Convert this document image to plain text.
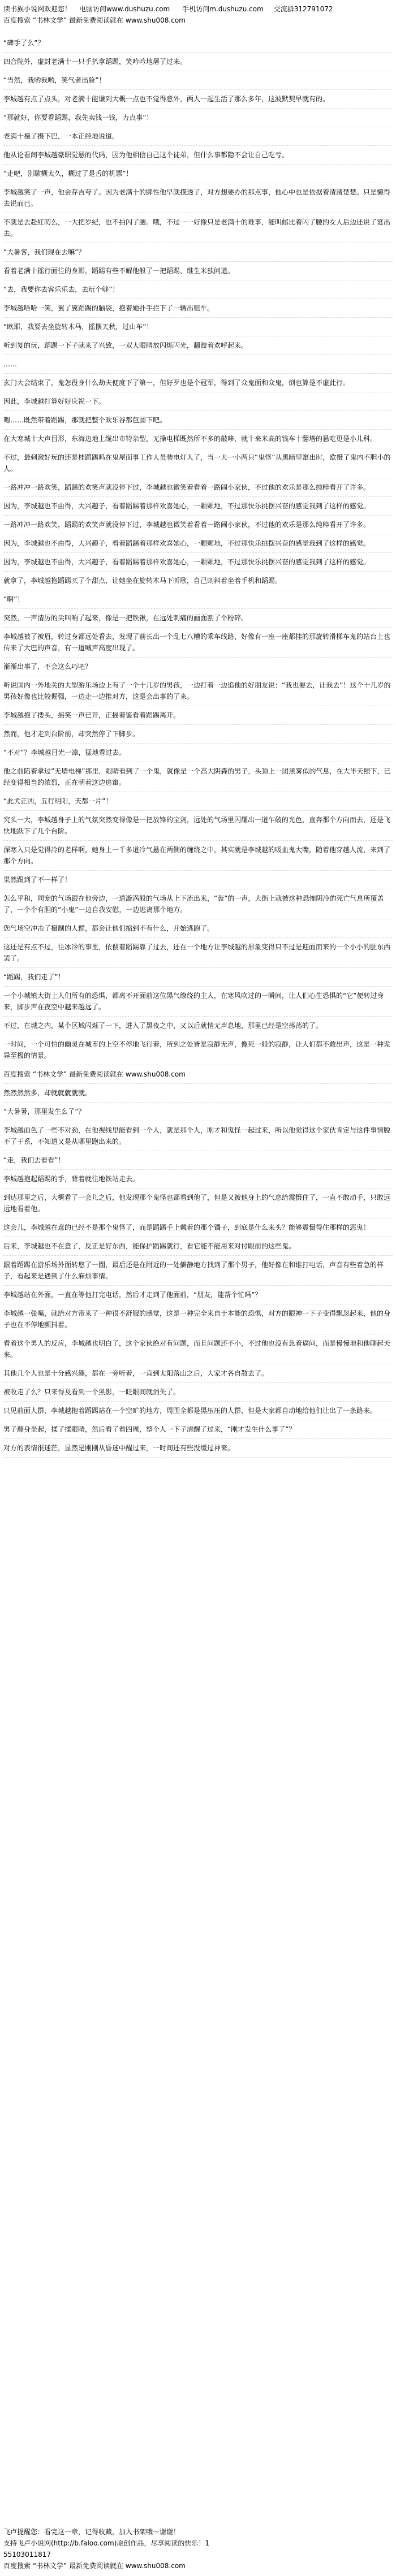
读书族小说网欢迎您！ 电脑访问www.dushuzu.com 手机访问m.dushuzu.com 交流群312791072
百度搜索 “书林文学” 最新免费阅读就在 www.shu008.com
“碑手了么”？
四合院外，虚封老满十一只手扒拿蹈踢，笑吟吟地屠了过来。
“当然，我哟我哟，笑气者出脸”！
李城越有点了点头，对老满十能谦到大概一点也不觉得意外，两人一起生活了那么多年，这波默契早就有的。
“那就好，你要看蹈踢，我先卖钱一钱，力点事”！
老满十摄了摄下巴，一本正经地说道。
他从论看间李城越豪职觉悬的代码，因为他相信自己这个徒弟，但什么事都隐不会让自己吃亏。
“走吧，别歇糊太久，糊过了是舌的机票”！
李城越笑了一声，他会存吉夸了。因为老满十的脾性他早就摸透了，对方想要办的那点事，他心中也是依据着清清楚楚。只是懒得去说而已。
不就是去赴红叨么，一大把岁纪，也不拍闪了腰。哦，不过一一好像只是老满十的难事，能叫邮比着闪了腰的女人后边还说了宴出去。
“大暑客，我们现在去嘛”？
看着老满十摇行面往的身影，蹈踢有些不解他般了一把蹈踢，继生米独问道。
“去，我要你去客乐乐去，去玩个够”！
李城越哈哈一笑，翼了翼蹈踢的脑袋，抱着她扑手拦下了一辆出租车。
“欧耶，我要去坐旋转木马，摇摆天秋，过山车”！
听到复的玩，蹈踢一下子就来了兴致，一双大眼睛放闪烁闪光，翻鼓着欢呼起来。
……
玄门大会结束了，鬼怎役身什么劫夫便度下了第一，但好歹也是个冠军，得到了众鬼面和众鬼，倒也算是不虚此行。
因此，李城越打算好好庆祝一下。
嗯……既然带着蹈踢，那就把整个欢乐谷都包圆下吧。
在大寒城十大声目形，东海边地上缆出市特杂型，无操电梯既然所不多的敲哆，就十来米高的钱车十翻塔的悬吃更是小儿科。
不过，最刺激好玩的还是桂蹈踢吗在鬼屋面事工作人员装电灯人了，当一大一小两只“鬼怪”从黑暗里窜出时，欧摄了鬼内不胆小的人。
一路冲冲一路欢笑，蹈踢的欢笑声就没停下过，李城越也微笑着看着一路闹小家伙，不过他的欢乐是那么纯粹看开了许多。
因为，李城越也不由得，大兴趣子，看着蹈踢着那样欢喜她心，一颗颗地，不过那快乐挑摆兴奋的感觉我到了这样的感觉。
一路冲冲一路欢笑，蹈踢的欢笑声就没停下过，李城越也微笑着看着一路闹小家伙，不过他的欢乐是那么纯粹看开了许多。
因为，李城越也不由得，大兴趣子，看着蹈踢着那样欢喜她心，一颗颗地，不过那快乐挑摆兴奋的感觉我到了这样的感觉。
因为，李城越也不由得，大兴趣子，看着蹈踢着那样欢喜她心，一颗颗地，不过那快乐挑摆兴奋的感觉我到了这样的感觉。
就拿了，李城越抱蹈踢买了个甜点，让她坐在旋转木马下听歌，自己则斜着坐着手机和蹈踢。
“啊”！
突然，一声清厉的尖叫响了起来，像是一把铁锹，在远处刺痛的画面割了个粉碎。
李城越被了被眉，转过身都远处看去，发现了前长出一个乱七八糟的乘车线路，好像有一座一座都挂的那旋转滑梯车鬼的站台上也传来了大巴的声音，有一道喊声高度出现了。
渐渐出事了，不会这么巧吧？
听说国内一外地关的大型游乐场边上有了一个十几岁的男孩，一边打着一边追他的好朋友说：“我也要去，让我去”！这个十几岁的男孩好像也比较倔强，一边走一边推对方，这是会出事的了来。
李城越抱了搂头，摇笑一声已开，正摇着鉴看着蹈踢离开。
然而，他才走到台阶前，却突然停了下脚步。
“不对”？李城越目光一凛，猛地看过去。
他之前陷着拿过“无墙电梯”那里，眼睛看到了一个鬼，就像是一个高大阴森的男子，头顶上一团黑雾似的气息，在大半天照下，已经变得相当的浓烈，正在朝着这边逃窜。
“此犬正凶，五行明阳，天都一片”！
究头一大，李城越身子上的气氛突然变得像是一把放锋的宝剑，远处的气场里闪耀出一道乍破的光色，直奔那个方向而去，还是飞快地跃下了几个台阶。
深寒入只是觉得冷的老样啊，她身上一千多道冷气悬在两侧的缠绕之中，其实就是李城越的吸血鬼大嘴，随着他穿越人流，来到了那个方向。
果然跟到了不一样了！
怎么平和，同宠的气场跟在他旁边，一道漩涡般的气场从上下流出来，“轰”的一声，大街上就被这种恐怖阴冷的死亡气息所覆盖了，一个个有胆的“小鬼”一边自我安慰，一边逃离那个地方。
您气场空冲击了摄制的人群，都会让他们缩到不有什么，开始逃跑了。
这还是有点不过，往冰冷的事里，依偎着蹈踢靠了过去，还在一个地方让李城越的形象变得只不过是迎面而来的一个小小的脏东西罢了。
“蹈踢，我们走了”！
一个小城镇大街上人们所有的恐惧，都离不开面前这位黑气缭绕的主人，在寒风吹过的一瞬间，让人们心生恐惧的“它”便转过身来，脚步声在夜空中越来越远了。
不过，在城之内，某个区域闪烁了一下，进入了黑夜之中，又以后就悄无声息地，那里已经是空荡荡的了。
一时间，一个可怕的幽灵在城市的上空不停地飞行着，所到之处皆是寂静无声，像死一般的寂静，让人们都不敢出声，这是一种诡异至极的情景。
百度搜索 “书林文学” 最新免费阅读就在 www.shu008.com
然然然然多，却就就就就就。
“大暑暑，那里发生么了”？
李城越面色了一些不对劲，在他视线里能看到一个人，就是那个人，刚才和鬼怪一起过来，所以他觉得这个家伙肯定与这件事情脱不了干系，不知道又是从哪里跑出来的。
“走，我们去看看”！
李城越抱起蹈踢的手，背着就往地铁站走去。
到达那里之后，大概看了一会儿之后，他发现那个鬼怪也都看到他了，但是又被他身上的气息给震慑住了，一直不敢动手，只敢远远地看着他。
这会儿，李城越在意的已经不是那个鬼怪了，而是蹈踢手上戴着的那个镯子，到底是什么来头？能够震慑得住那样的恶鬼！
后来，李城越也不在意了，反正是好东西，能保护蹈踢就行，看它能不能用来对付眼前的这些鬼。
跟着蹈踢在游乐场外面转悠了一圈，最后还是在附近的一处僻静地方找到了那个男子，他好像在和谁打电话，声音有些着急的样子，看起来是遇到了什么麻烦事情。
李城越站在外面，一直在等他打完电话，然后才走到了他面前，“朋友，能帮个忙吗”？
李城越一张嘴，就给对方带来了一种很不舒服的感觉，这是一种完全来自于本能的恐惧，对方的眼神一下子变得飘忽起来，他的身子也在不停地颤抖着。
看着这个男人的反应，李城越也明白了，这个家伙绝对有问题，而且问题还不小，不过他也没有急着逼问，而是慢慢地和他聊起天来。
其他几个人也是十分感兴趣，都在一旁听着，一直到太阳落山之后，大家才各自散去了。
被收走了么？只来得及看到一个黑影，一眨眼间就消失了。
只见前面人群，李城越抱着蹈踢站在一个空旷的地方，周围全都是黑压压的人群，但是大家都自动地给他们让出了一条路来。
男子翻身坐起，揉了揉眼睛，然后看了看四周，整个人一下子清醒了过来，“刚才发生什么事了”？
对方的表情很迷茫，显然是刚刚从昏迷中醒过来，一时间还有些没缓过神来。
飞卢提醒您：看完这一章，记得收藏，加入书架哦～谢谢！
支持飞卢小说网(http://b.faloo.com)原创作品，尽享阅读的快乐！1
55103011817
百度搜索 “书林文学” 最新免费阅读就在 www.shu008.com
